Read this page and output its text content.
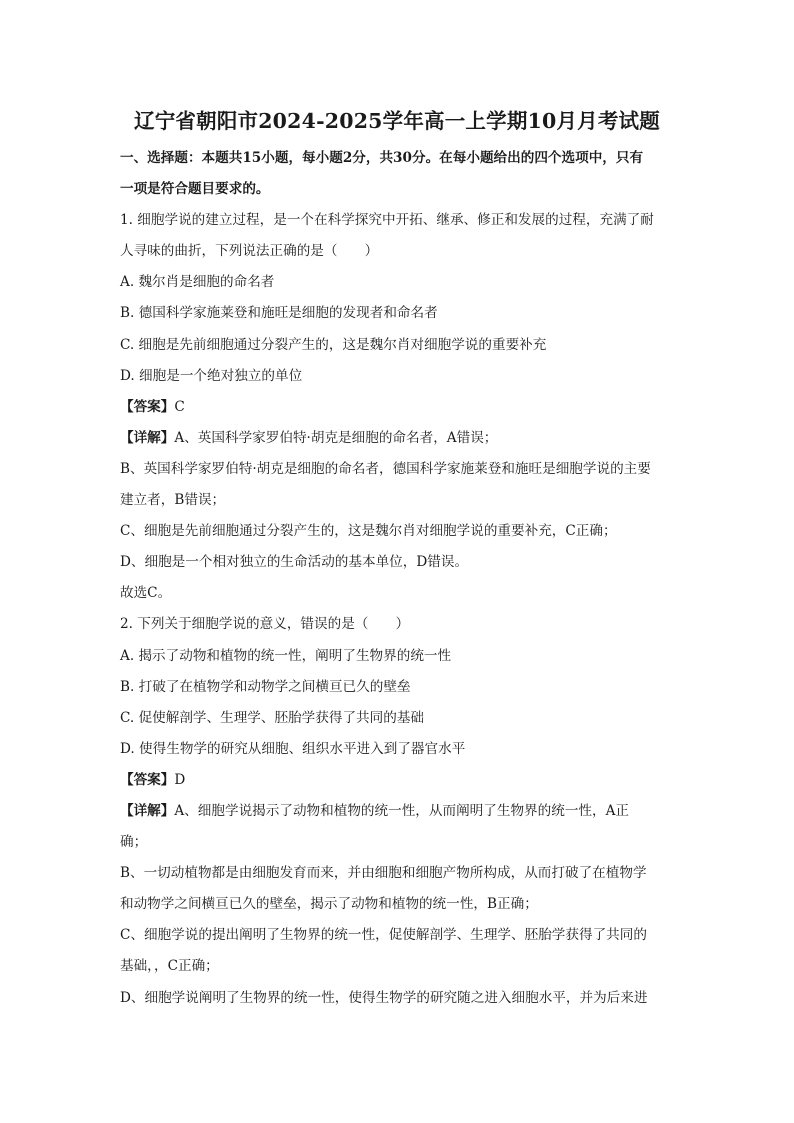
辽宁省朝阳市2024-2025学年高一上学期10月月考试题
一、选择题：本题共15小题，每小题2分，共30分。在每小题给出的四个选项中，只有
一项是符合题目要求的。
1. 细胞学说的建立过程，是一个在科学探究中开拓、继承、修正和发展的过程，充满了耐
人寻味的曲折，下列说法正确的是（　　）
A. 魏尔肖是细胞的命名者
B. 德国科学家施莱登和施旺是细胞的发现者和命名者
C. 细胞是先前细胞通过分裂产生的，这是魏尔肖对细胞学说的重要补充
D. 细胞是一个绝对独立的单位
【答案】C
【详解】A、英国科学家罗伯特·胡克是细胞的命名者，A错误；
B、英国科学家罗伯特·胡克是细胞的命名者，德国科学家施莱登和施旺是细胞学说的主要
建立者，B错误；
C、细胞是先前细胞通过分裂产生的，这是魏尔肖对细胞学说的重要补充，C正确；
D、细胞是一个相对独立的生命活动的基本单位，D错误。
故选C。
2. 下列关于细胞学说的意义，错误的是（　　）
A. 揭示了动物和植物的统一性，阐明了生物界的统一性
B. 打破了在植物学和动物学之间横亘已久的壁垒
C. 促使解剖学、生理学、胚胎学获得了共同的基础
D. 使得生物学的研究从细胞、组织水平进入到了器官水平
【答案】D
【详解】A、细胞学说揭示了动物和植物的统一性，从而阐明了生物界的统一性，A正
确；
B、一切动植物都是由细胞发育而来，并由细胞和细胞产物所构成，从而打破了在植物学
和动物学之间横亘已久的壁垒，揭示了动物和植物的统一性，B正确；
C、细胞学说的提出阐明了生物界的统一性，促使解剖学、生理学、胚胎学获得了共同的
基础，，C正确；
D、细胞学说阐明了生物界的统一性，使得生物学的研究随之进入细胞水平，并为后来进
